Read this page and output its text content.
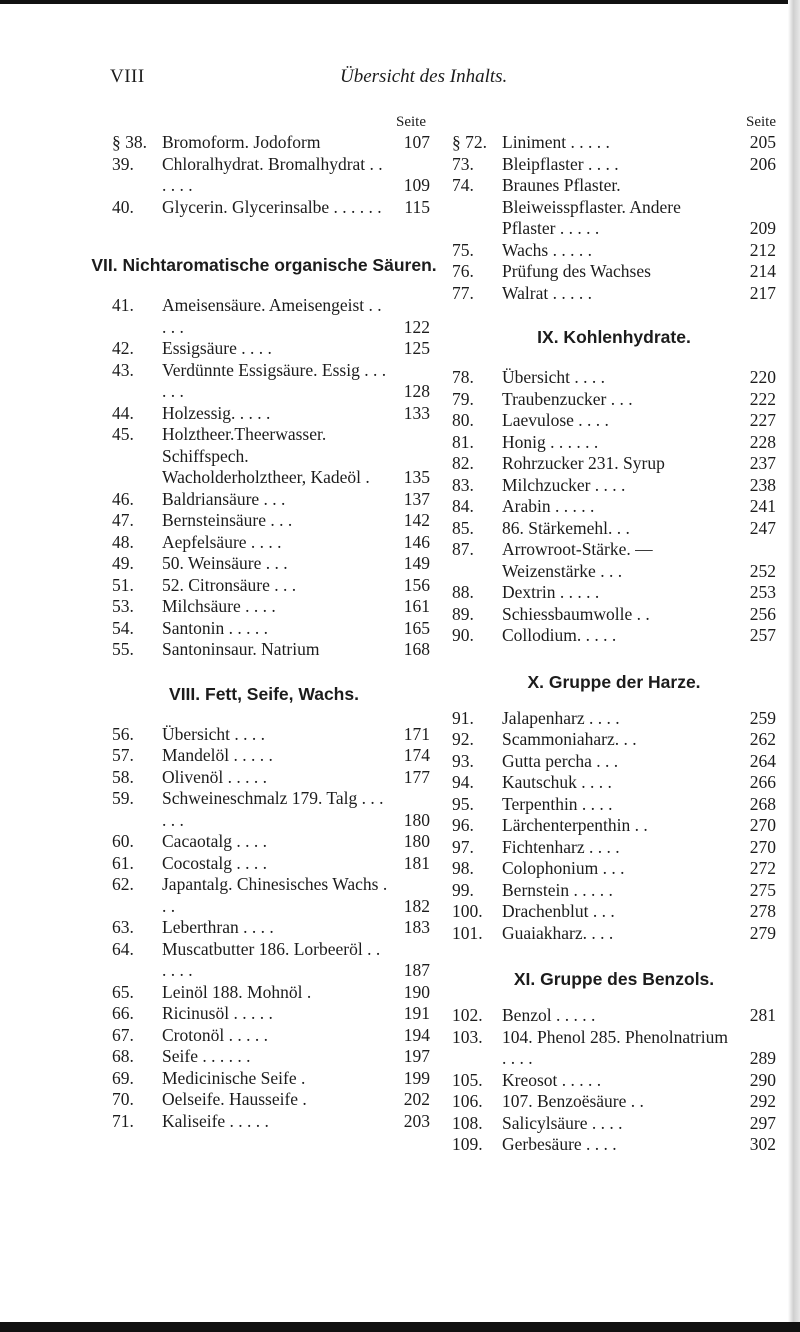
VIII	Übersicht des Inhalts.
Seite
§ 38. Bromoform. Jodoform	107
39.	Chloralhydrat. Bromalhydrat . . . . . .	109
40.	Glycerin. Glycerinsalbe . . . . . .	115
VII. Nichtaromatische organische Säuren.
41.	Ameisensäure. Ameisengeist . . . . .	122
42.	Essigsäure . . . .	125
43.	Verdünnte Essigsäure. Essig . . . . . .	128
44.	Holzessig. . . . .	133
45.	Holztheer.Theerwasser. Schiffspech. Wacholderholztheer, Kadeöl .	135
46.	Baldriansäure . . .	137
47.	Bernsteinsäure . . .	142
48.	Aepfelsäure . . . .	146
49.	50. Weinsäure . . .	149
51.	52. Citronsäure . . .	156
53.	Milchsäure . . . .	161
54.	Santonin . . . . .	165
55.	Santoninsaur. Natrium	168
VIII. Fett, Seife, Wachs.
56.	Übersicht . . . .	171
57.	Mandelöl . . . . .	174
58.	Olivenöl . . . . .	177
59.	Schweineschmalz 179. Talg . . . . . .	180
60.	Cacaotalg . . . .	180
61.	Cocostalg . . . .	181
62.	Japantalg. Chinesisches Wachs . . .	182
63.	Leberthran . . . .	183
64.	Muscatbutter 186. Lorbeeröl . . . . . .	187
65.	Leinöl 188. Mohnöl .	190
66.	Ricinusöl . . . . .	191
67.	Crotonöl . . . . .	194
68.	Seife . . . . . .	197
69.	Medicinische Seife .	199
70.	Oelseife. Hausseife .	202
71.	Kaliseife . . . . .	203
Seite
§ 72. Liniment . . . . .	205
73.	Bleipflaster . . . .	206
74.	Braunes Pflaster. Bleiweisspflaster. Andere Pflaster . . . . .	209
75.	Wachs . . . . .	212
76.	Prüfung des Wachses	214
77.	Walrat . . . . .	217
IX. Kohlenhydrate.
78.	Übersicht . . . .	220
79.	Traubenzucker . . .	222
80.	Laevulose . . . .	227
81.	Honig . . . . . .	228
82.	Rohrzucker 231. Syrup	237
83.	Milchzucker . . . .	238
84.	Arabin . . . . .	241
85.	86. Stärkemehl. . .	247
87.	Arrowroot-Stärke. — Weizenstärke . . .	252
88.	Dextrin . . . . .	253
89.	Schiessbaumwolle . .	256
90.	Collodium. . . . .	257
X. Gruppe der Harze.
91.	Jalapenharz . . . .	259
92.	Scammoniaharz. . .	262
93.	Gutta percha . . .	264
94.	Kautschuk . . . .	266
95.	Terpenthin . . . .	268
96.	Lärchenterpenthin . .	270
97.	Fichtenharz . . . .	270
98.	Colophonium . . .	272
99.	Bernstein . . . . .	275
100.	Drachenblut . . .	278
101.	Guaiakharz. . . .	279
XI. Gruppe des Benzols.
102.	Benzol . . . . .	281
103.	104. Phenol 285. Phenolnatrium . . . .	289
105.	Kreosot . . . . .	290
106.	107. Benzoësäure . .	292
108.	Salicylsäure . . . .	297
109.	Gerbesäure . . . .	302
